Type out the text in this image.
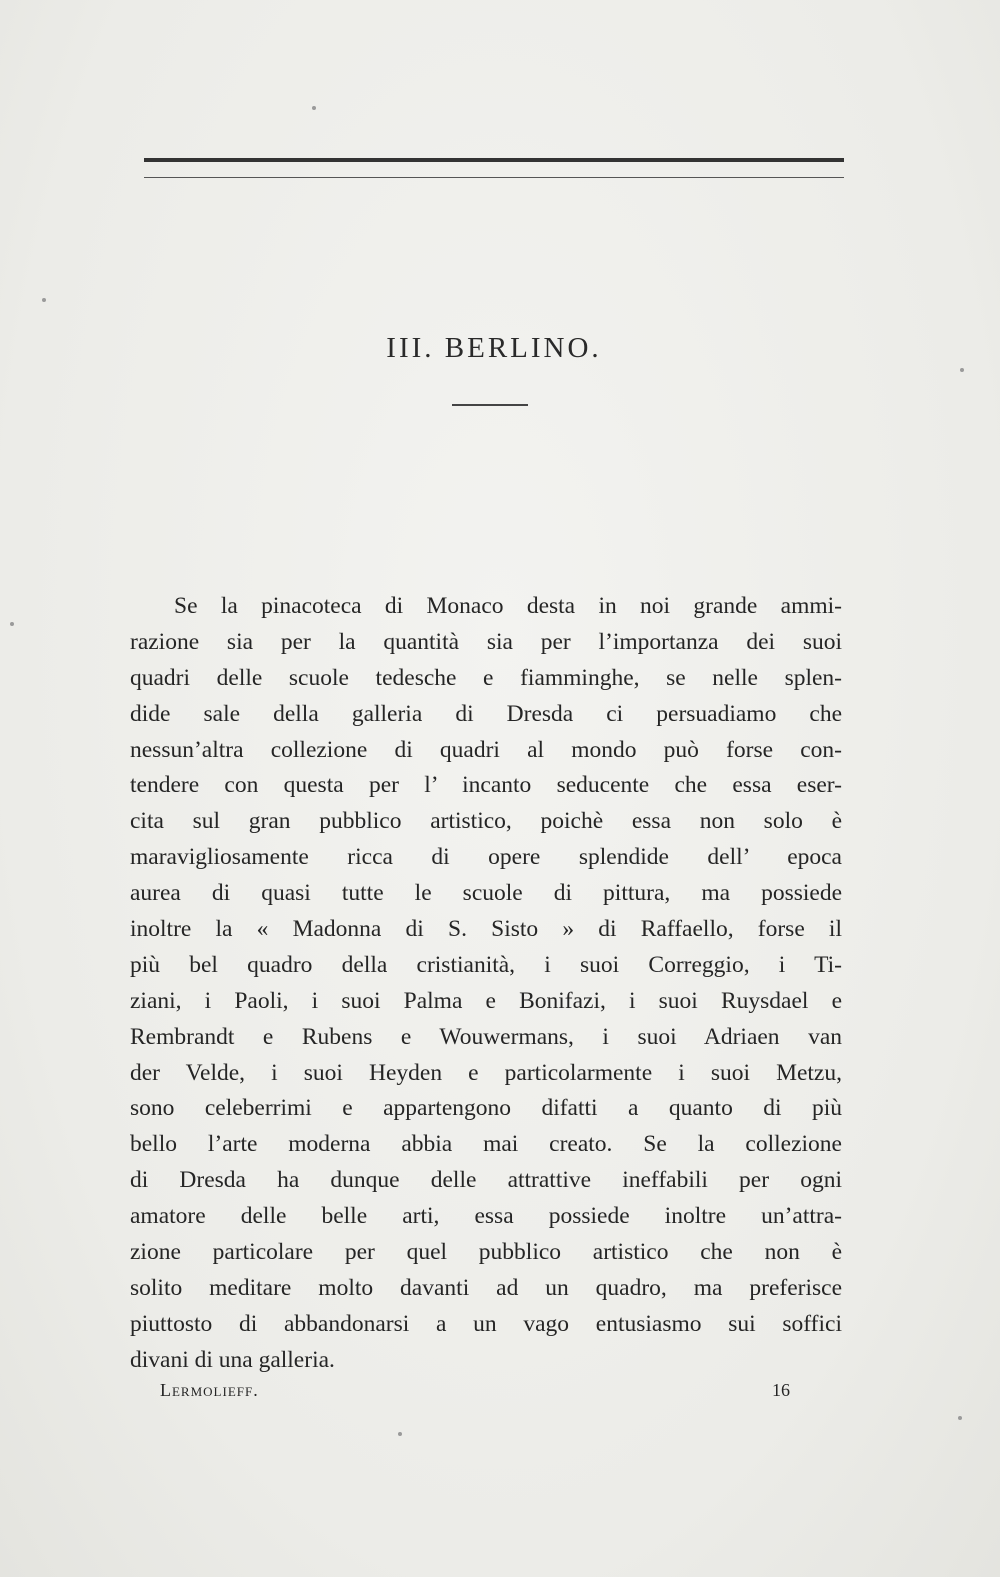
III. BERLINO.
Se la pinacoteca di Monaco desta in noi grande ammi-
razione sia per la quantità sia per l’importanza dei suoi
quadri delle scuole tedesche e fiamminghe, se nelle splen-
dide sale della galleria di Dresda ci persuadiamo che
nessun’altra collezione di quadri al mondo può forse con-
tendere con questa per l’ incanto seducente che essa eser-
cita sul gran pubblico artistico, poichè essa non solo è
maravigliosamente ricca di opere splendide dell’ epoca
aurea di quasi tutte le scuole di pittura, ma possiede
inoltre la « Madonna di S. Sisto » di Raffaello, forse il
più bel quadro della cristianità, i suoi Correggio, i Ti-
ziani, i Paoli, i suoi Palma e Bonifazi, i suoi Ruysdael e
Rembrandt e Rubens e Wouwermans, i suoi Adriaen van
der Velde, i suoi Heyden e particolarmente i suoi Metzu,
sono celeberrimi e appartengono difatti a quanto di più
bello l’arte moderna abbia mai creato. Se la collezione
di Dresda ha dunque delle attrattive ineffabili per ogni
amatore delle belle arti, essa possiede inoltre un’attra-
zione particolare per quel pubblico artistico che non è
solito meditare molto davanti ad un quadro, ma preferisce
piuttosto di abbandonarsi a un vago entusiasmo sui soffici
divani di una galleria.
Lermolieff.	16
